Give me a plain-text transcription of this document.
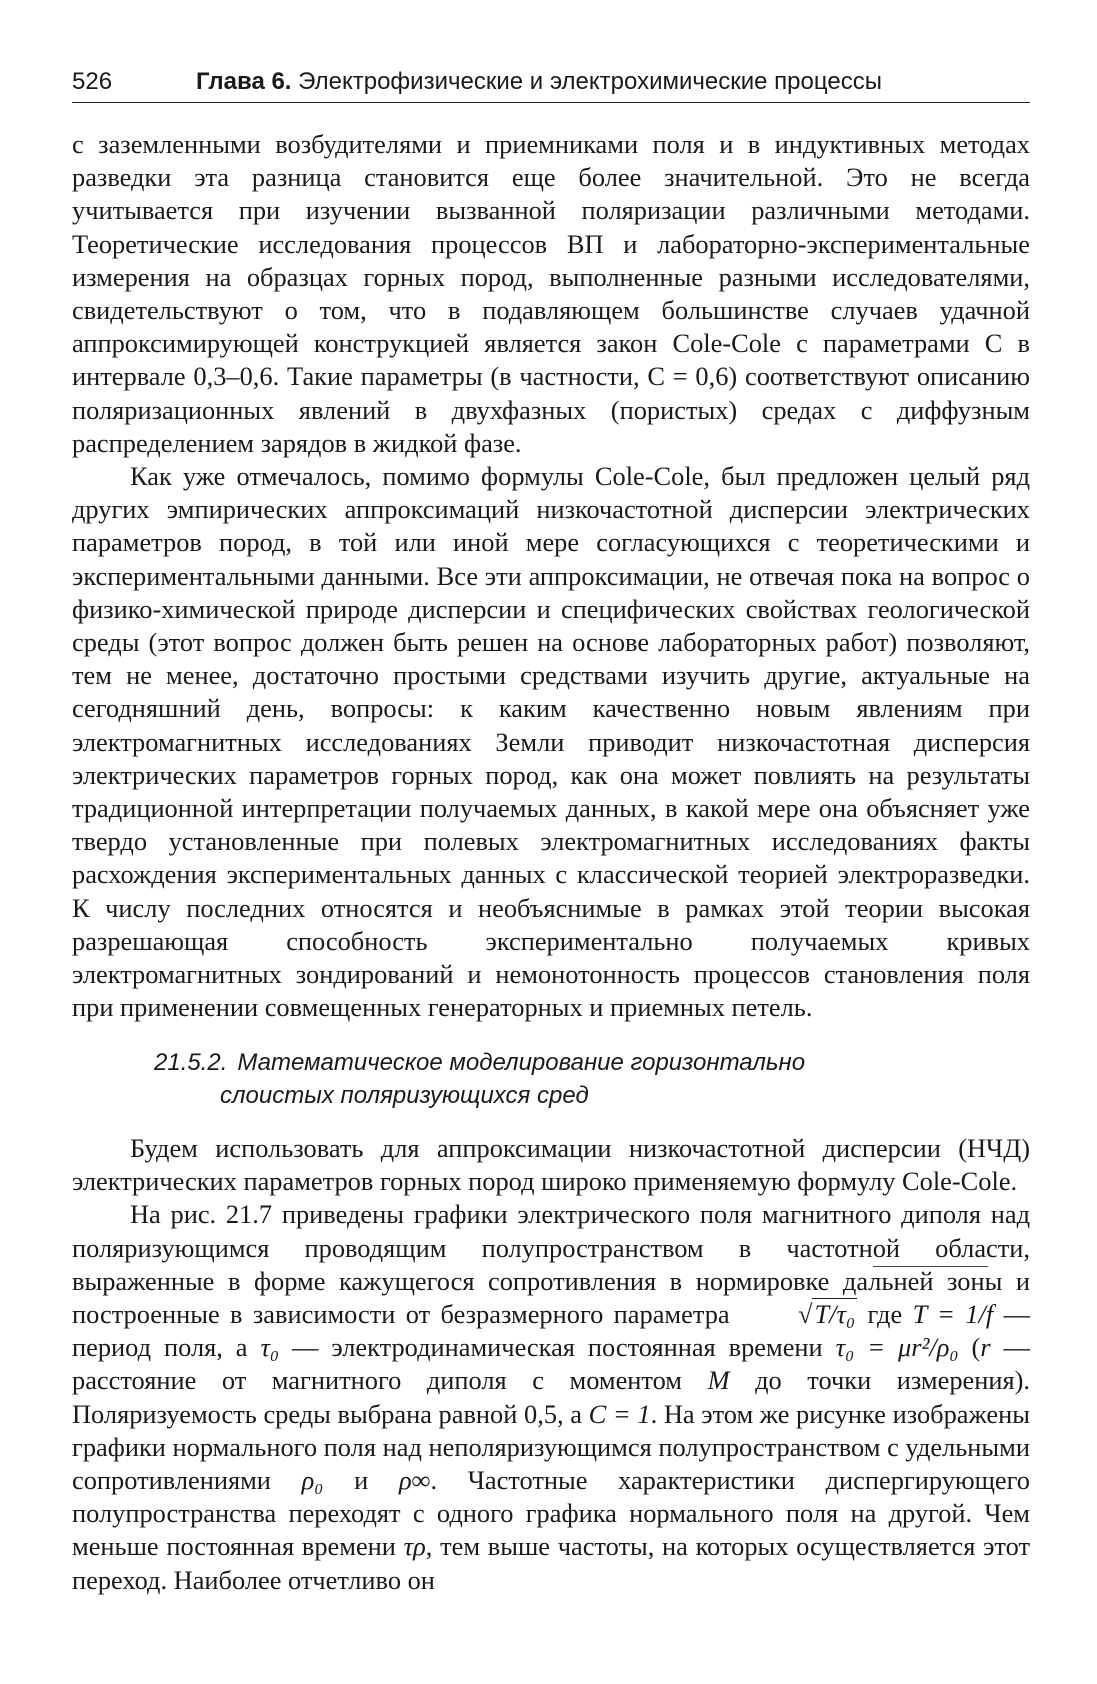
526	Глава 6. Электрофизические и электрохимические процессы

с заземленными возбудителями и приемниками поля и в индуктивных методах разведки эта разница становится еще более значительной. Это не всегда учитывается при изучении вызванной поляризации различными методами. Теоретические исследования процессов ВП и лабораторно-экспериментальные измерения на образцах горных пород, выполненные разными исследователями, свидетельствуют о том, что в подавляющем большинстве случаев удачной аппроксимирующей конструкцией является закон Cole-Cole с параметрами C в интервале 0,3–0,6. Такие параметры (в частности, C = 0,6) соответствуют описанию поляризационных явлений в двухфазных (пористых) средах с диффузным распределением зарядов в жидкой фазе.

Как уже отмечалось, помимо формулы Cole-Cole, был предложен целый ряд других эмпирических аппроксимаций низкочастотной дисперсии электрических параметров пород, в той или иной мере согласующихся с теоретическими и экспериментальными данными. Все эти аппроксимации, не отвечая пока на вопрос о физико-химической природе дисперсии и специфических свойствах геологической среды (этот вопрос должен быть решен на основе лабораторных работ) позволяют, тем не менее, достаточно простыми средствами изучить другие, актуальные на сегодняшний день, вопросы: к каким качественно новым явлениям при электромагнитных исследованиях Земли приводит низкочастотная дисперсия электрических параметров горных пород, как она может повлиять на результаты традиционной интерпретации получаемых данных, в какой мере она объясняет уже твердо установленные при полевых электромагнитных исследованиях факты расхождения экспериментальных данных с классической теорией электроразведки. К числу последних относятся и необъяснимые в рамках этой теории высокая разрешающая способность экспериментально получаемых кривых электромагнитных зондирований и немонотонность процессов становления поля при применении совмещенных генераторных и приемных петель.

21.5.2. Математическое моделирование горизонтально
слоистых поляризующихся сред

Будем использовать для аппроксимации низкочастотной дисперсии (НЧД) электрических параметров горных пород широко применяемую формулу Cole-Cole.

На рис. 21.7 приведены графики электрического поля магнитного диполя над поляризующимся проводящим полупространством в частотной области, выраженные в форме кажущегося сопротивления в нормировке дальней зоны и построенные в зависимости от безразмерного параметра	√T/τ₀ где T = 1/f — период поля, а τ₀ — электродинамическая постоянная времени τ₀ = μr²/ρ₀ (r — расстояние от магнитного диполя с моментом M до точки измерения). Поляризуемость среды выбрана равной 0,5, а C = 1. На этом же рисунке изображены графики нормального поля над неполяризующимся полупространством с удельными сопротивлениями ρ₀ и ρ∞. Частотные характеристики диспергирующего полупространства переходят с одного графика нормального поля на другой. Чем меньше постоянная времени τρ, тем выше частоты, на которых осуществляется этот переход. Наиболее отчетливо он
